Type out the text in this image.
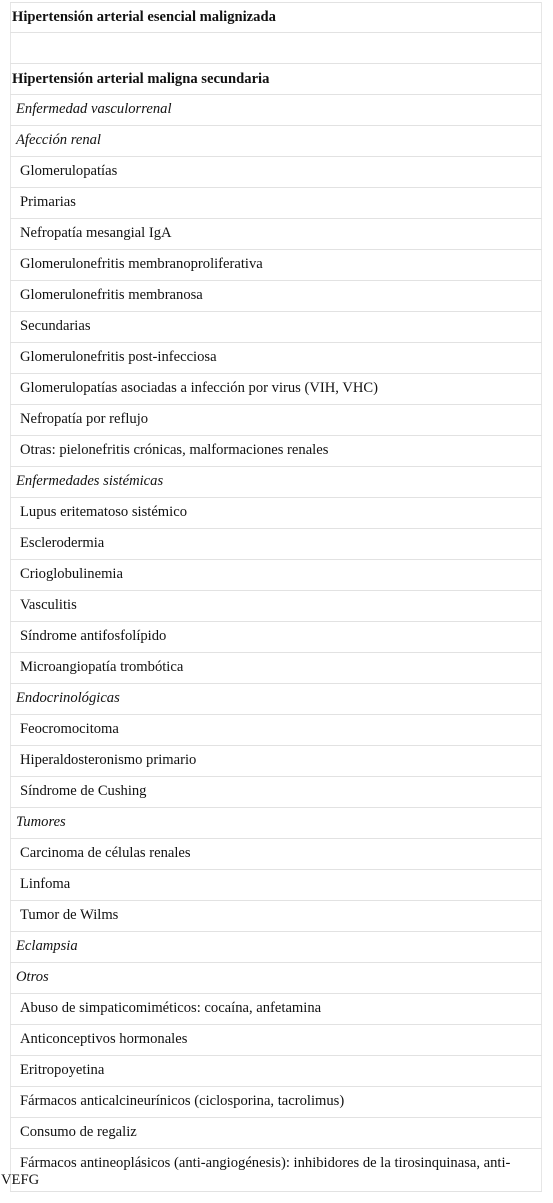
Hipertensión arterial esencial malignizada

Hipertensión arterial maligna secundaria

Enfermedad vasculorrenal

Afección renal

Glomerulopatías

Primarias

Nefropatía mesangial IgA

Glomerulonefritis membranoproliferativa

Glomerulonefritis membranosa

Secundarias

Glomerulonefritis post-infecciosa

Glomerulopatías asociadas a infección por virus (VIH, VHC)

Nefropatía por reflujo

Otras: pielonefritis crónicas, malformaciones renales

Enfermedades sistémicas

Lupus eritematoso sistémico

Esclerodermia

Crioglobulinemia

Vasculitis

Síndrome antifosfolípido

Microangiopatía trombótica

Endocrinológicas

Feocromocitoma

Hiperaldosteronismo primario

Síndrome de Cushing

Tumores

Carcinoma de células renales

Linfoma

Tumor de Wilms

Eclampsia

Otros

Abuso de simpaticomiméticos: cocaína, anfetamina

Anticonceptivos hormonales

Eritropoyetina

Fármacos anticalcineurínicos (ciclosporina, tacrolimus)

Consumo de regaliz

Fármacos antineoplásicos (anti-angiogénesis): inhibidores de la tirosinquinasa, anti-VEFG
